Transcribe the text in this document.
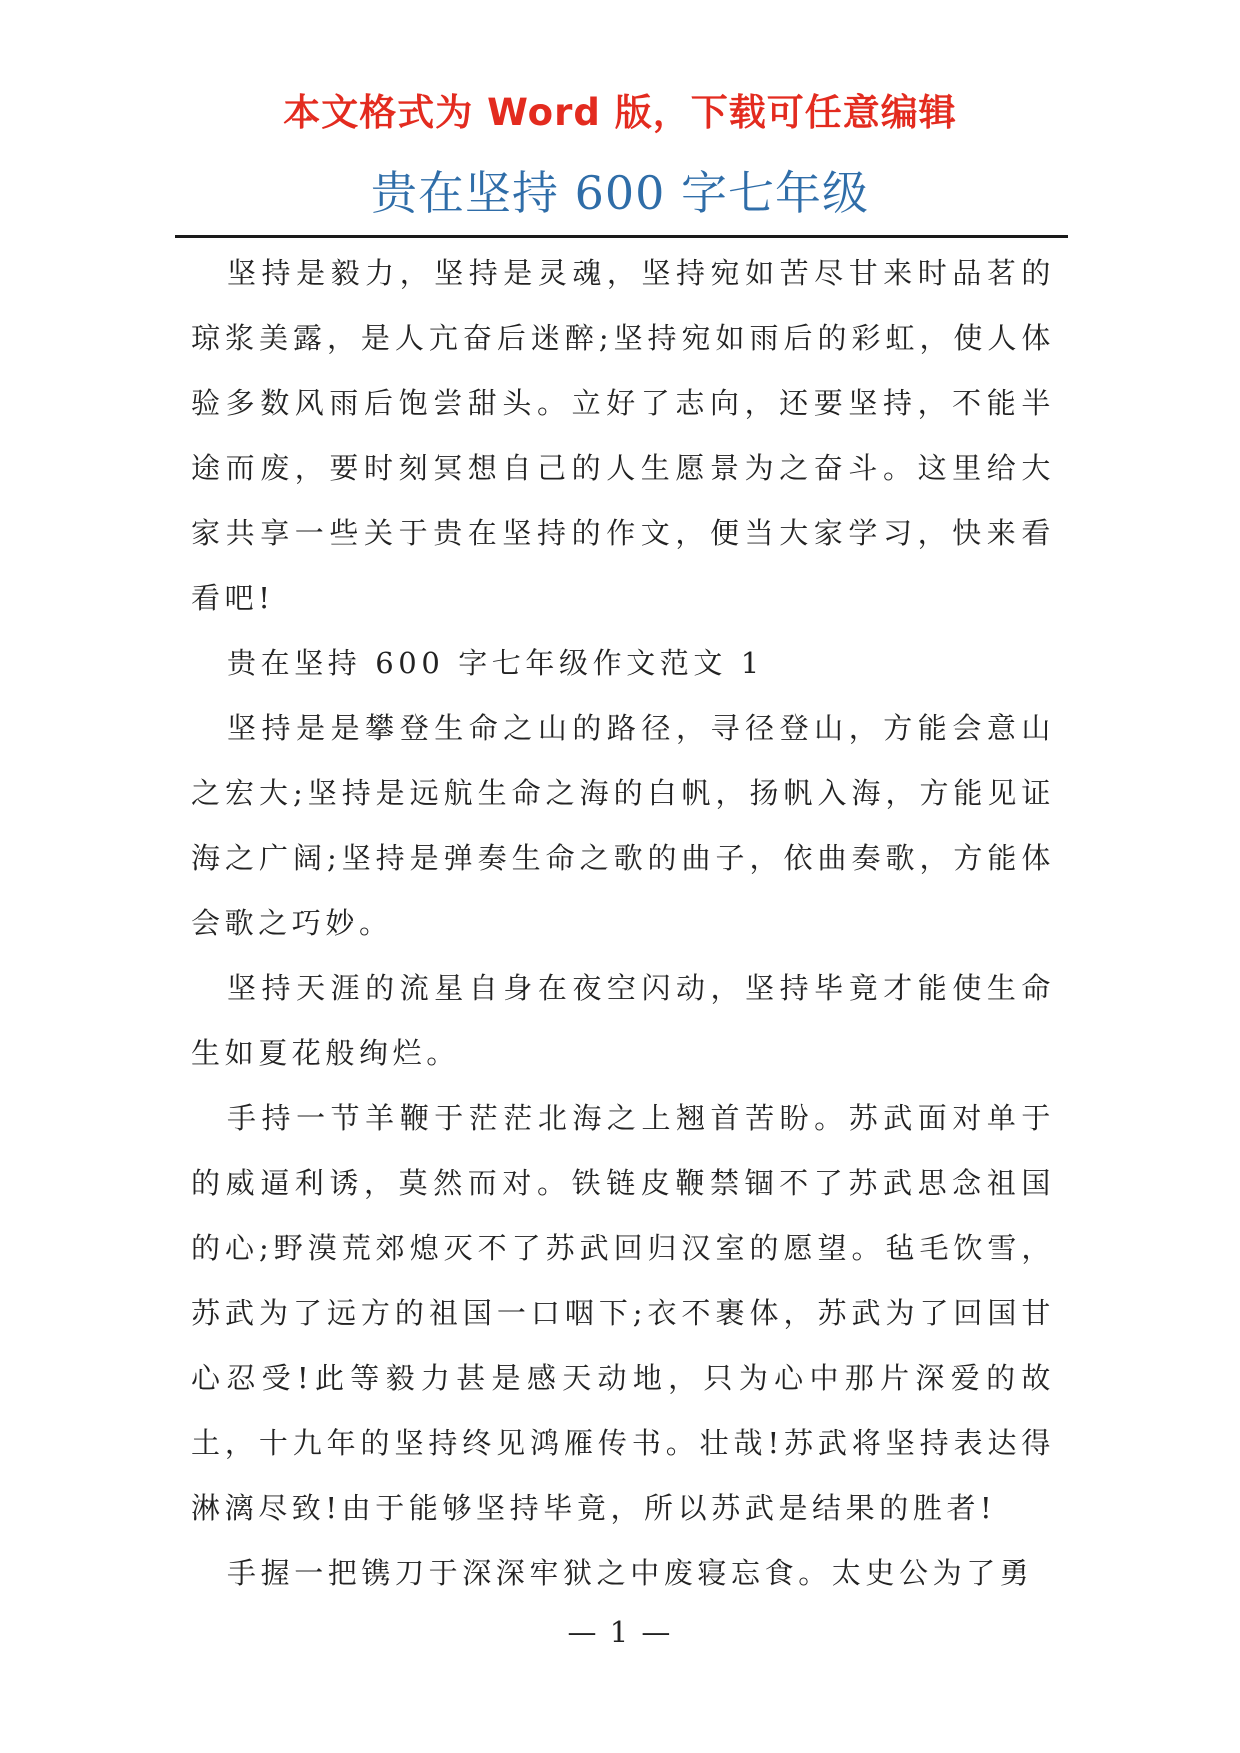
本文格式为 Word 版，下载可任意编辑
贵在坚持 600 字七年级

坚持是毅力，坚持是灵魂，坚持宛如苦尽甘来时品茗的琼浆美露，是人亢奋后迷醉;坚持宛如雨后的彩虹，使人体验多数风雨后饱尝甜头。立好了志向，还要坚持，不能半途而废，要时刻冥想自己的人生愿景为之奋斗。这里给大家共享一些关于贵在坚持的作文，便当大家学习，快来看看吧!

贵在坚持 600 字七年级作文范文 1

坚持是是攀登生命之山的路径，寻径登山，方能会意山之宏大;坚持是远航生命之海的白帆，扬帆入海，方能见证海之广阔;坚持是弹奏生命之歌的曲子，依曲奏歌，方能体会歌之巧妙。

坚持天涯的流星自身在夜空闪动，坚持毕竟才能使生命生如夏花般绚烂。

手持一节羊鞭于茫茫北海之上翘首苦盼。苏武面对单于的威逼利诱，莫然而对。铁链皮鞭禁锢不了苏武思念祖国的心;野漠荒郊熄灭不了苏武回归汉室的愿望。毡毛饮雪，苏武为了远方的祖国一口咽下;衣不裹体，苏武为了回国甘心忍受!此等毅力甚是感天动地，只为心中那片深爱的故土，十九年的坚持终见鸿雁传书。壮哉!苏武将坚持表达得淋漓尽致!由于能够坚持毕竟，所以苏武是结果的胜者!

手握一把镌刀于深深牢狱之中废寝忘食。太史公为了勇

— 1 —
